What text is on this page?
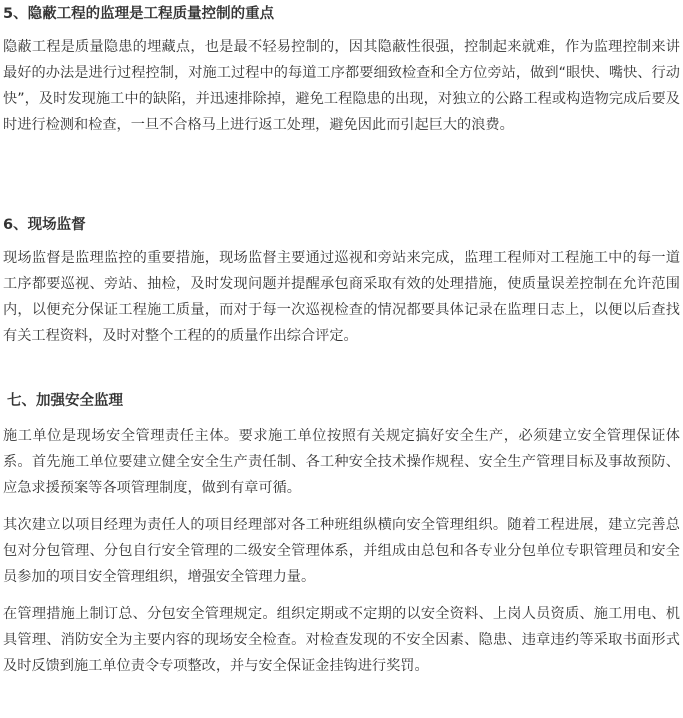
5、隐蔽工程的监理是工程质量控制的重点

隐蔽工程是质量隐患的埋藏点，也是最不轻易控制的，因其隐蔽性很强，控制起来就难，作为监理控制来讲最好的办法是进行过程控制，对施工过程中的每道工序都要细致检查和全方位旁站，做到“眼快、嘴快、行动快”，及时发现施工中的缺陷，并迅速排除掉，避免工程隐患的出现，对独立的公路工程或构造物完成后要及时进行检测和检查，一旦不合格马上进行返工处理，避免因此而引起巨大的浪费。

6、现场监督

现场监督是监理监控的重要措施，现场监督主要通过巡视和旁站来完成，监理工程师对工程施工中的每一道工序都要巡视、旁站、抽检，及时发现问题并提醒承包商采取有效的处理措施，使质量误差控制在允许范围内，以便充分保证工程施工质量，而对于每一次巡视检查的情况都要具体记录在监理日志上，以便以后查找有关工程资料，及时对整个工程的的质量作出综合评定。

七、加强安全监理

施工单位是现场安全管理责任主体。要求施工单位按照有关规定搞好安全生产，必须建立安全管理保证体系。首先施工单位要建立健全安全生产责任制、各工种安全技术操作规程、安全生产管理目标及事故预防、应急求援预案等各项管理制度，做到有章可循。

其次建立以项目经理为责任人的项目经理部对各工种班组纵横向安全管理组织。随着工程进展，建立完善总包对分包管理、分包自行安全管理的二级安全管理体系，并组成由总包和各专业分包单位专职管理员和安全员参加的项目安全管理组织，增强安全管理力量。

在管理措施上制订总、分包安全管理规定。组织定期或不定期的以安全资料、上岗人员资质、施工用电、机具管理、消防安全为主要内容的现场安全检查。对检查发现的不安全因素、隐患、违章违约等采取书面形式及时反馈到施工单位责令专项整改，并与安全保证金挂钩进行奖罚。
